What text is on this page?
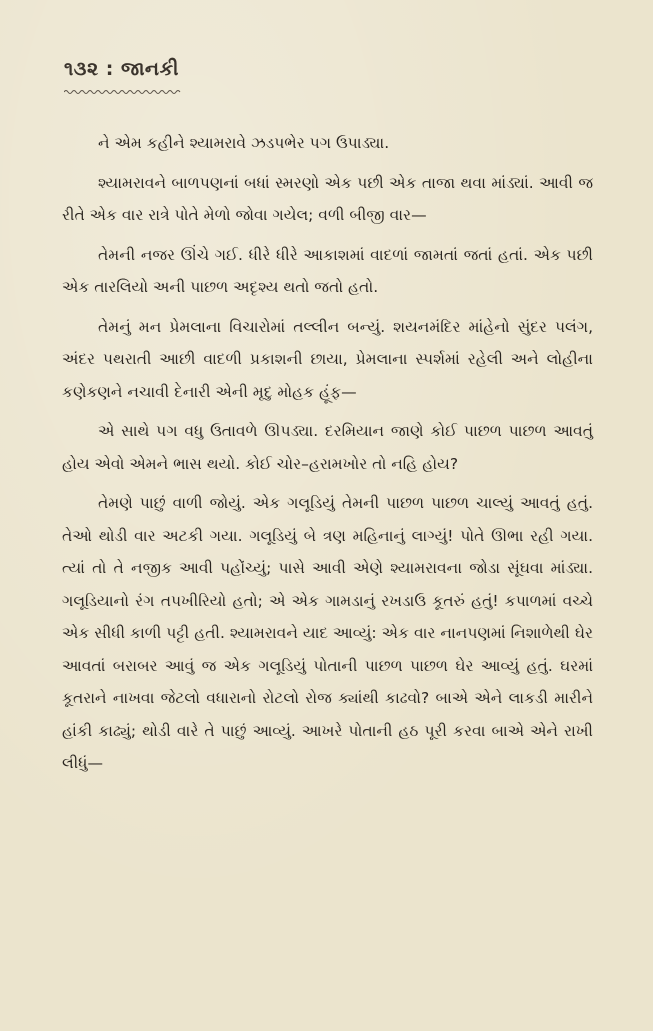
૧૩૨ : જાનકી

ને એમ કહીને શ્યામરાવે ઝડપભેર પગ ઉપાડ્યા.

શ્યામરાવને બાળપણનાં બધાં સ્મરણો એક પછી એક તાજા થવા માંડ્યાં. આવી જ રીતે એક વાર રાત્રે પોતે મેળો જોવા ગયેલ; વળી બીજી વાર—

તેમની નજર ઊંચે ગઈ. ધીરે ધીરે આકાશમાં વાદળાં જામતાં જતાં હતાં. એક પછી એક તારલિયો અની પાછળ અદૃશ્ય થતો જતો હતો.

તેમનું મન પ્રેમલાના વિચારોમાં તલ્લીન બન્યું. શયનમંદિર માંહેનો સુંદર પલંગ, અંદર પથરાતી આછી વાદળી પ્રકાશની છાયા, પ્રેમલાના સ્પર્શમાં રહેલી અને લોહીના કણેકણને નચાવી દેનારી એની મૃદુ મોહક હૂંફ—

એ સાથે પગ વધુ ઉતાવળે ઊપડ્યા. દરમિયાન જાણે કોઈ પાછળ પાછળ આવતું હોય એવો એમને ભાસ થયો. કોઈ ચોર–હરામખોર તો નહિ હોય?

તેમણે પાછું વાળી જોયું. એક ગલૂડિયું તેમની પાછળ પાછળ ચાલ્યું આવતું હતું. તેઓ થોડી વાર અટકી ગયા. ગલૂડિયું બે ત્રણ મહિનાનું લાગ્યું! પોતે ઊભા રહી ગયા. ત્યાં તો તે નજીક આવી પહોંચ્યું; પાસે આવી એણે શ્યામરાવના જોડા સૂંઘવા માંડ્યા. ગલૂડિયાનો રંગ તપખીરિયો હતો; એ એક ગામડાનું રખડાઉ કૂતરું હતું! કપાળમાં વચ્ચે એક સીધી કાળી પટ્ટી હતી. શ્યામરાવને યાદ આવ્યું: એક વાર નાનપણમાં નિશાળેથી ઘેર આવતાં બરાબર આવું જ એક ગલૂડિયું પોતાની પાછળ પાછળ ઘેર આવ્યું હતું. ઘરમાં કૂતરાને નાખવા જેટલો વધારાનો રોટલો રોજ ક્યાંથી કાઢવો? બાએ એને લાકડી મારીને હાંકી કાઢ્યું; થોડી વારે તે પાછું આવ્યું. આખરે પોતાની હઠ પૂરી કરવા બાએ એને રાખી લીધું—
